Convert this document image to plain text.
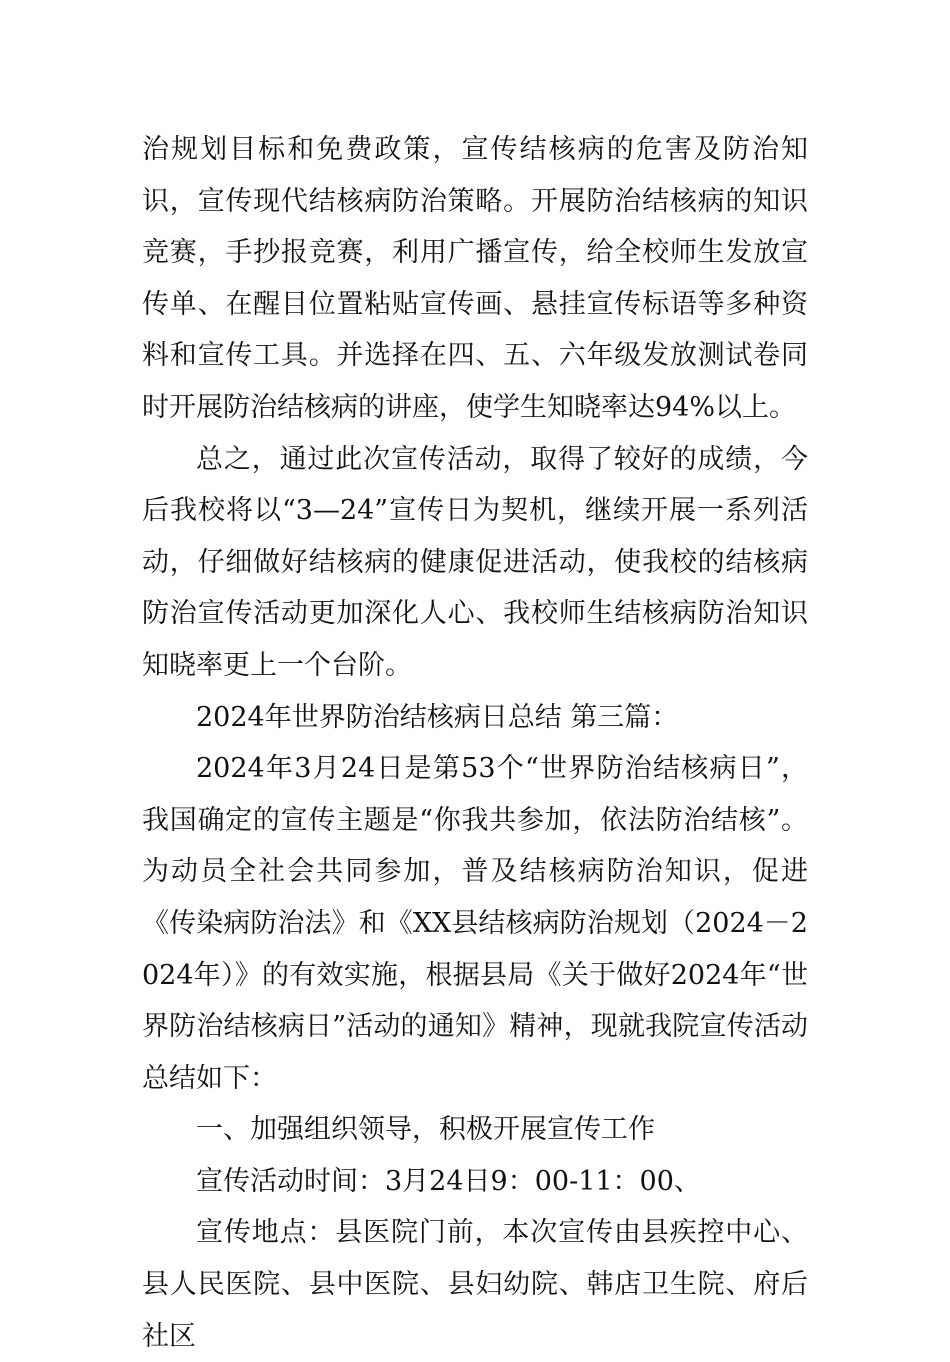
治规划目标和免费政策，宣传结核病的危害及防治知识，宣传现代结核病防治策略。开展防治结核病的知识竞赛，手抄报竞赛，利用广播宣传，给全校师生发放宣传单、在醒目位置粘贴宣传画、悬挂宣传标语等多种资料和宣传工具。并选择在四、五、六年级发放测试卷同时开展防治结核病的讲座，使学生知晓率达94%以上。

总之，通过此次宣传活动，取得了较好的成绩，今后我校将以“3—24”宣传日为契机，继续开展一系列活动，仔细做好结核病的健康促进活动，使我校的结核病防治宣传活动更加深化人心、我校师生结核病防治知识知晓率更上一个台阶。

2024年世界防治结核病日总结 第三篇：

2024年3月24日是第53个“世界防治结核病日”，我国确定的宣传主题是“你我共参加，依法防治结核”。为动员全社会共同参加，普及结核病防治知识，促进《传染病防治法》和《XX县结核病防治规划（2024－2024年）》的有效实施，根据县局《关于做好2024年“世界防治结核病日”活动的通知》精神，现就我院宣传活动总结如下：

一、加强组织领导，积极开展宣传工作

宣传活动时间：3月24日9：00-11：00、

宣传地点：县医院门前，本次宣传由县疾控中心、县人民医院、县中医院、县妇幼院、韩店卫生院、府后社区
